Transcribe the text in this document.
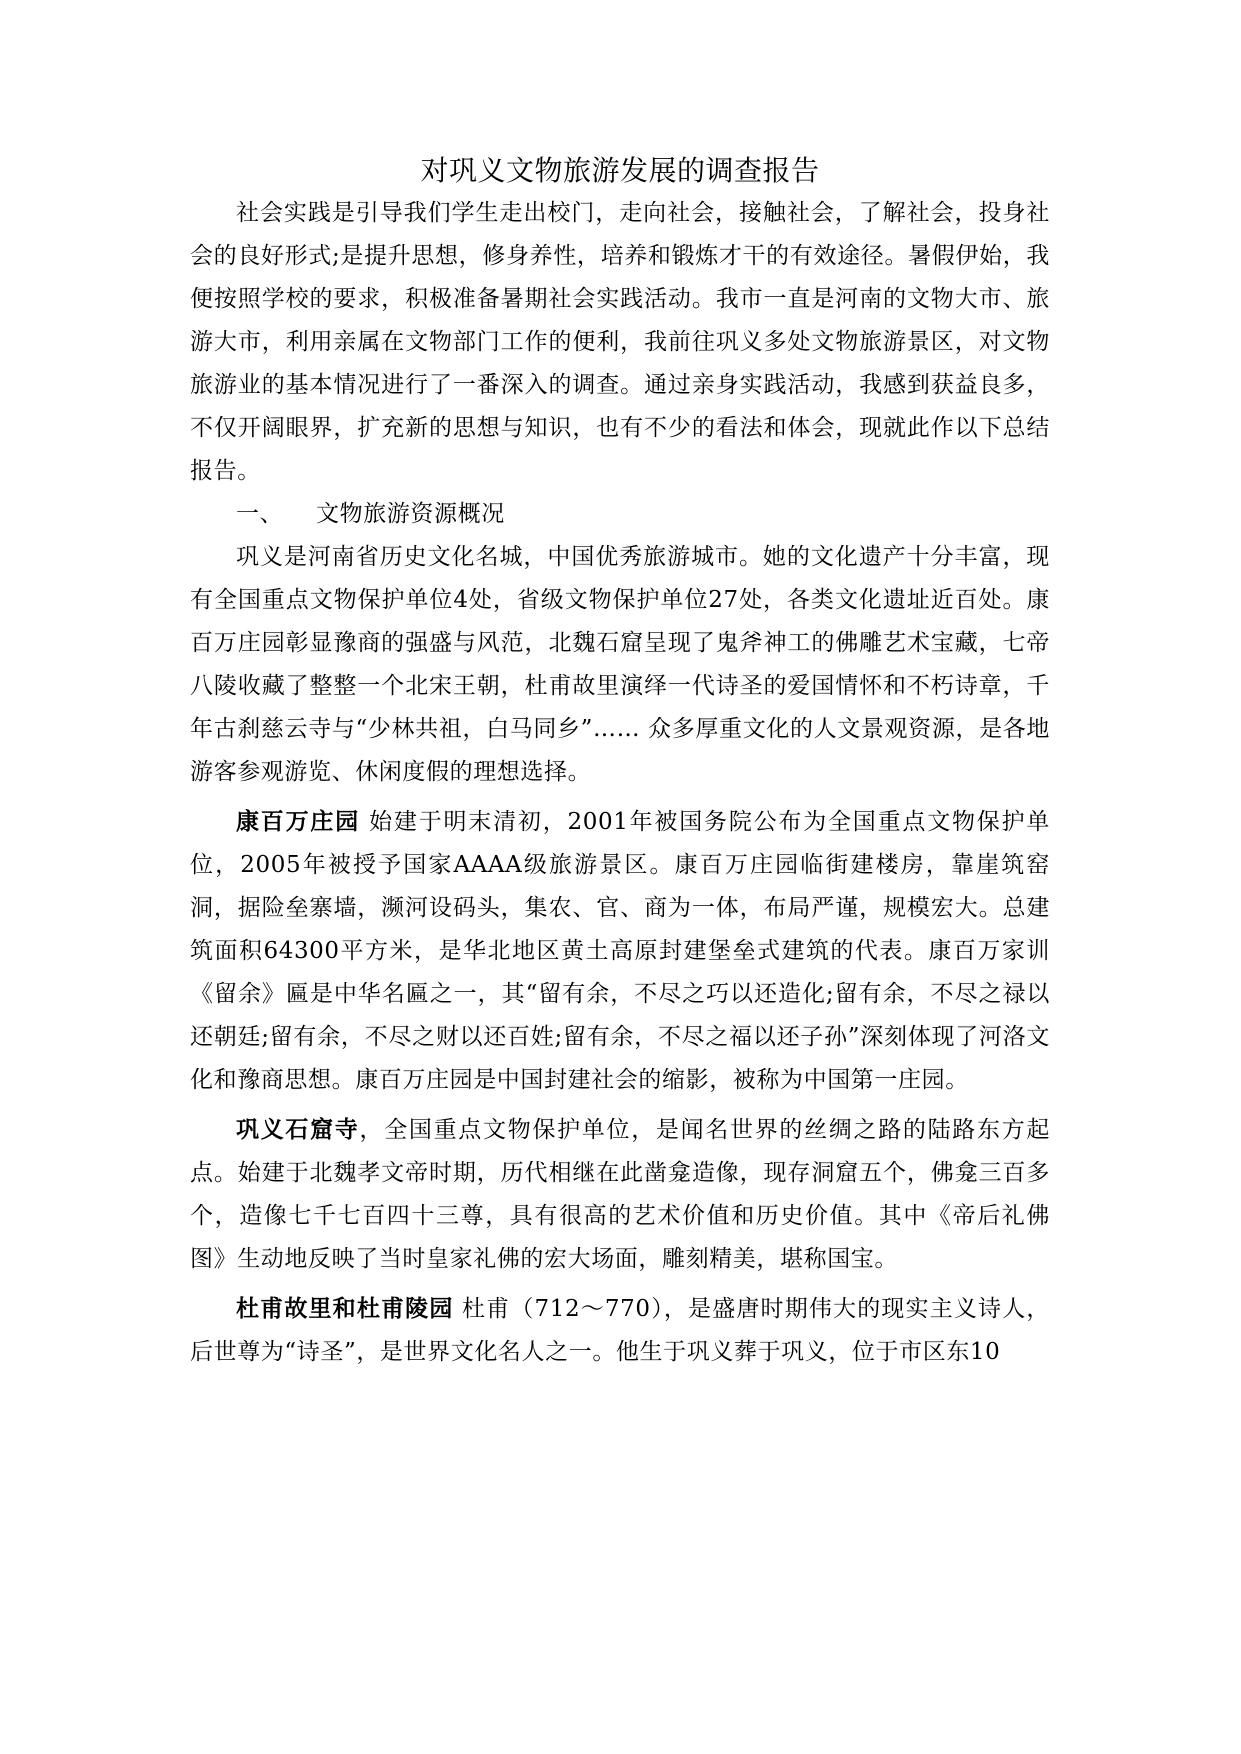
对巩义文物旅游发展的调查报告

社会实践是引导我们学生走出校门，走向社会，接触社会，了解社会，投身社会的良好形式;是提升思想，修身养性，培养和锻炼才干的有效途径。暑假伊始，我便按照学校的要求，积极准备暑期社会实践活动。我市一直是河南的文物大市、旅游大市，利用亲属在文物部门工作的便利，我前往巩义多处文物旅游景区，对文物旅游业的基本情况进行了一番深入的调查。通过亲身实践活动，我感到获益良多，不仅开阔眼界，扩充新的思想与知识，也有不少的看法和体会，现就此作以下总结报告。

一、 文物旅游资源概况

巩义是河南省历史文化名城，中国优秀旅游城市。她的文化遗产十分丰富，现有全国重点文物保护单位4处，省级文物保护单位27处，各类文化遗址近百处。康百万庄园彰显豫商的强盛与风范，北魏石窟呈现了鬼斧神工的佛雕艺术宝藏，七帝八陵收藏了整整一个北宋王朝，杜甫故里演绎一代诗圣的爱国情怀和不朽诗章，千年古刹慈云寺与“少林共祖，白马同乡”…… 众多厚重文化的人文景观资源，是各地游客参观游览、休闲度假的理想选择。

康百万庄园 始建于明末清初，2001年被国务院公布为全国重点文物保护单位，2005年被授予国家AAAA级旅游景区。康百万庄园临街建楼房，靠崖筑窑洞，据险垒寨墙，濒河设码头，集农、官、商为一体，布局严谨，规模宏大。总建筑面积64300平方米，是华北地区黄土高原封建堡垒式建筑的代表。康百万家训《留余》匾是中华名匾之一，其“留有余，不尽之巧以还造化;留有余，不尽之禄以还朝廷;留有余，不尽之财以还百姓;留有余，不尽之福以还子孙”深刻体现了河洛文化和豫商思想。康百万庄园是中国封建社会的缩影，被称为中国第一庄园。

巩义石窟寺，全国重点文物保护单位，是闻名世界的丝绸之路的陆路东方起点。始建于北魏孝文帝时期，历代相继在此凿龛造像，现存洞窟五个，佛龛三百多个，造像七千七百四十三尊，具有很高的艺术价值和历史价值。其中《帝后礼佛图》生动地反映了当时皇家礼佛的宏大场面，雕刻精美，堪称国宝。

杜甫故里和杜甫陵园 杜甫（712～770），是盛唐时期伟大的现实主义诗人，后世尊为“诗圣”，是世界文化名人之一。他生于巩义葬于巩义，位于市区东10
